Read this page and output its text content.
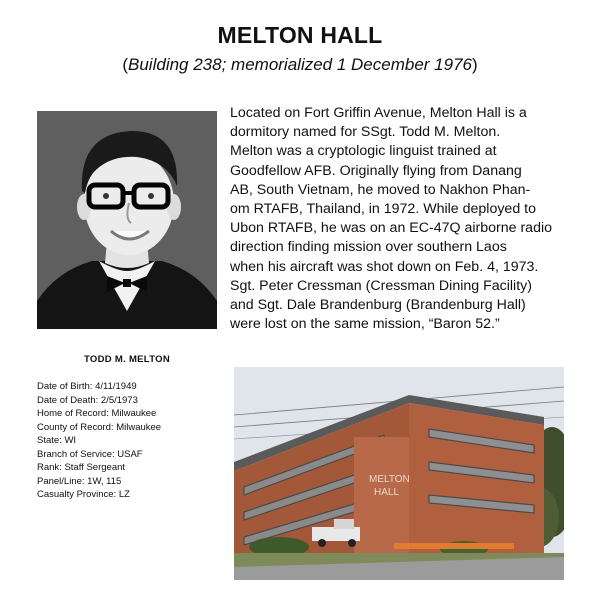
MELTON HALL
(Building 238; memorialized 1 December 1976)
TODD M. MELTON
Date of Birth: 4/11/1949
Date of Death: 2/5/1973
Home of Record: Milwaukee
County of Record: Milwaukee
State: WI
Branch of Service: USAF
Rank: Staff Sergeant
Panel/Line: 1W, 115
Casualty Province: LZ
Located on Fort Griffin Avenue, Melton Hall is a
dormitory named for SSgt. Todd M. Melton.
Melton was a cryptologic linguist trained at
Goodfellow AFB. Originally flying from Danang
AB, South Vietnam, he moved to Nakhon Phan-
om RTAFB, Thailand, in 1972. While deployed to
Ubon RTAFB, he was on an EC-47Q airborne radio
direction finding mission over southern Laos
when his aircraft was shot down on Feb. 4, 1973.
Sgt. Peter Cressman (Cressman Dining Facility)
and Sgt. Dale Brandenburg (Brandenburg Hall)
were lost on the same mission, “Baron 52.”
MELTON
HALL
